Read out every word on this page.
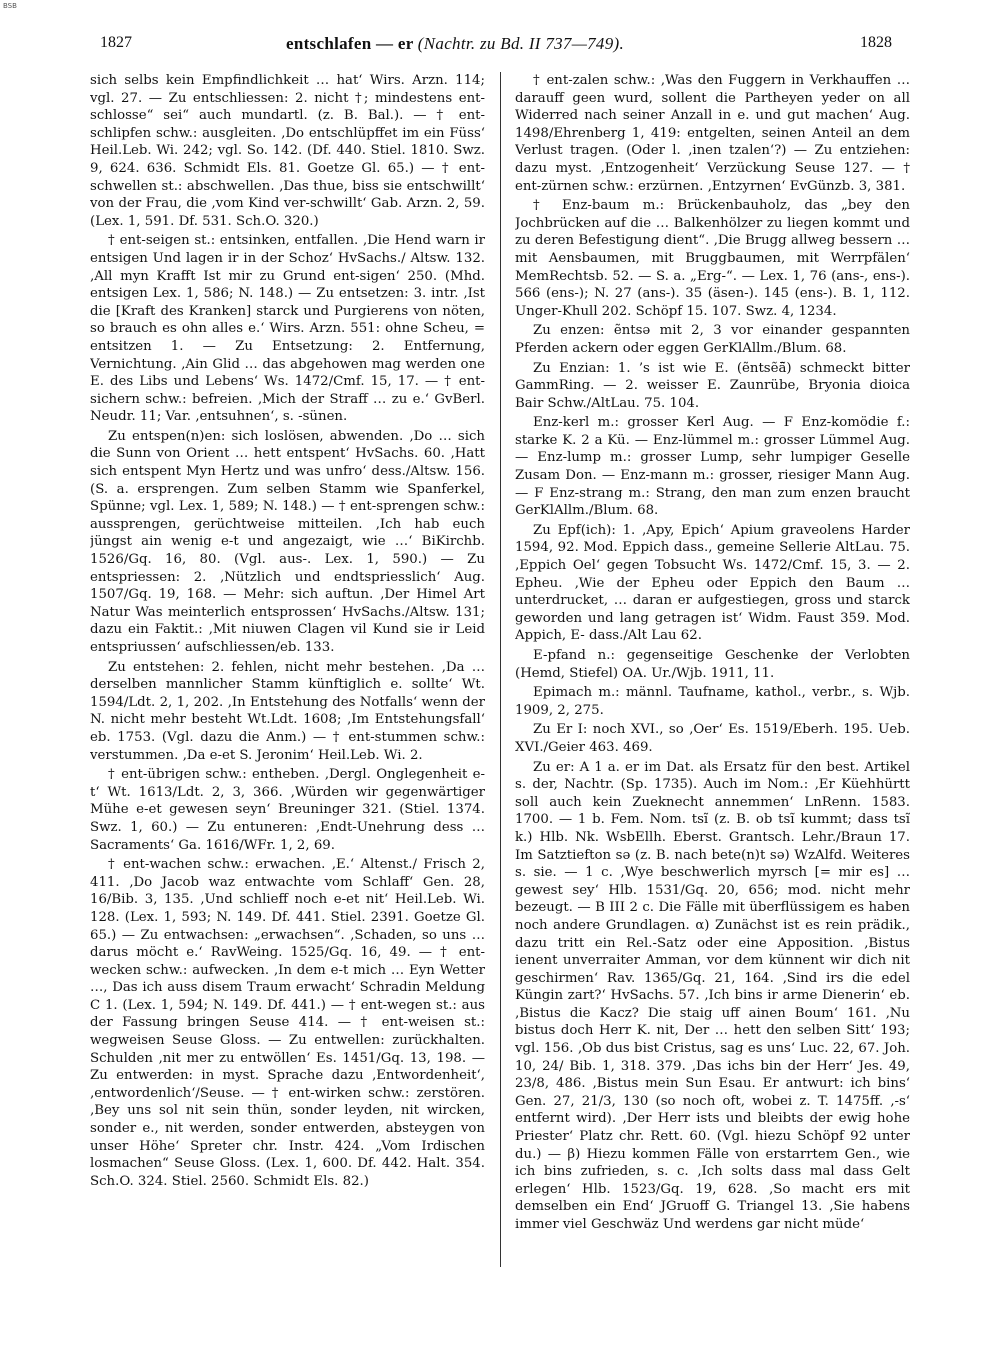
BSB
1827	entschlafen — er (Nachtr. zu Bd. II 737—749).	1828

sich selbs kein Empfindlichkeit … hat‘ Wirs. Arzn. 114; vgl. 27. — Zu entschliessen: 2. nicht †; mindestens ent-schlosse“ sei“ auch mundartl. (z. B. Bal.). — † ent-schlipfen schw.: ausgleiten. ‚Do entschlüpffet im ein Füss‘ Heil.Leb. Wi. 242; vgl. So. 142. (Df. 440. Stiel. 1810. Swz. 9, 624. 636. Schmidt Els. 81. Goetze Gl. 65.) — † ent-schwellen st.: abschwellen. ‚Das thue, biss sie entschwillt‘ von der Frau, die ‚vom Kind ver-schwillt‘ Gab. Arzn. 2, 59. (Lex. 1, 591. Df. 531. Sch.O. 320.)

† ent-seigen st.: entsinken, entfallen. ‚Die Hend warn ir entsigen Und lagen ir in der Schoz‘ HvSachs./ Altsw. 132. ‚All myn Krafft Ist mir zu Grund ent-sigen‘ 250. (Mhd. entsigen Lex. 1, 586; N. 148.) — Zu entsetzen: 3. intr. ‚Ist die [Kraft des Kranken] starck und Purgierens von nöten, so brauch es ohn alles e.‘ Wirs. Arzn. 551: ohne Scheu, = entsitzen 1. — Zu Entsetzung: 2. Entfernung, Vernichtung. ‚Ain Glid … das abgehowen mag werden one E. des Libs und Lebens‘ Ws. 1472/Cmf. 15, 17. — † ent-sichern schw.: befreien. ‚Mich der Straff … zu e.‘ GvBerl. Neudr. 11; Var. ‚entsuhnen‘, s. -sünen.

Zu entspen(n)en: sich loslösen, abwenden. ‚Do … sich die Sunn von Orient … hett entspent‘ HvSachs. 60. ‚Hatt sich entspent Myn Hertz und was unfro‘ dess./Altsw. 156. (S. a. ersprengen. Zum selben Stamm wie Spanferkel, Spünne; vgl. Lex. 1, 589; N. 148.) — † ent-sprengen schw.: aussprengen, gerüchtweise mitteilen. ‚Ich hab euch jüngst ain wenig e-t und angezaigt, wie …‘ BiKirchb. 1526/Gq. 16, 80. (Vgl. aus-. Lex. 1, 590.) — Zu entspriessen: 2. ‚Nützlich und endtspriesslich‘ Aug. 1507/Gq. 19, 168. — Mehr: sich auftun. ‚Der Himel Art Natur Was meinterlich entsprossen‘ HvSachs./Altsw. 131; dazu ein Faktit.: ‚Mit niuwen Clagen vil Kund sie ir Leid entspriussen‘ aufschliessen/eb. 133.

Zu entstehen: 2. fehlen, nicht mehr bestehen. ‚Da … derselben mannlicher Stamm künftiglich e. sollte‘ Wt. 1594/Ldt. 2, 1, 202. ‚In Entstehung des Notfalls‘ wenn der N. nicht mehr besteht Wt.Ldt. 1608; ‚Im Entstehungsfall‘ eb. 1753. (Vgl. dazu die Anm.) — † ent-stummen schw.: verstummen. ‚Da e-et S. Jeronim‘ Heil.Leb. Wi. 2.

† ent-übrigen schw.: entheben. ‚Dergl. Onglegenheit e-t‘ Wt. 1613/Ldt. 2, 3, 366. ‚Würden wir gegenwärtiger Mühe e-et gewesen seyn‘ Breuninger 321. (Stiel. 1374. Swz. 1, 60.) — Zu entuneren: ‚Endt-Unehrung dess … Sacraments‘ Ga. 1616/WFr. 1, 2, 69.

† ent-wachen schw.: erwachen. ‚E.‘ Altenst./ Frisch 2, 411. ‚Do Jacob waz entwachte vom Schlaff‘ Gen. 28, 16/Bib. 3, 135. ‚Und schlieff noch e-et nit‘ Heil.Leb. Wi. 128. (Lex. 1, 593; N. 149. Df. 441. Stiel. 2391. Goetze Gl. 65.) — Zu entwachsen: „erwachsen“. ‚Schaden, so uns … darus möcht e.‘ RavWeing. 1525/Gq. 16, 49. — † ent-wecken schw.: aufwecken. ‚In dem e-t mich … Eyn Wetter …, Das ich auss disem Traum erwacht‘ Schradin Meldung C 1. (Lex. 1, 594; N. 149. Df. 441.) — † ent-wegen st.: aus der Fassung bringen Seuse 414. — † ent-weisen st.: wegweisen Seuse Gloss. — Zu entwellen: zurückhalten. Schulden ‚nit mer zu entwöllen‘ Es. 1451/Gq. 13, 198. — Zu entwerden: in myst. Sprache dazu ‚Entwordenheit‘, ‚entwordenlich‘/Seuse. — † ent-wirken schw.: zerstören. ‚Bey uns sol nit sein thün, sonder leyden, nit wircken, sonder e., nit werden, sonder entwerden, absteygen von unser Höhe‘ Spreter chr. Instr. 424. „Vom Irdischen losmachen“ Seuse Gloss. (Lex. 1, 600. Df. 442. Halt. 354. Sch.O. 324. Stiel. 2560. Schmidt Els. 82.)

† ent-zalen schw.: ‚Was den Fuggern in Verkhauffen … darauff geen wurd, sollent die Partheyen yeder on all Widerred nach seiner Anzall in e. und gut machen‘ Aug. 1498/Ehrenberg 1, 419: entgelten, seinen Anteil an dem Verlust tragen. (Oder l. ‚inen tzalen‘?) — Zu entziehen: dazu myst. ‚Entzogenheit‘ Verzückung Seuse 127. — † ent-zürnen schw.: erzürnen. ‚Entzyrnen‘ EvGünzb. 3, 381.

† Enz-baum m.: Brückenbauholz, das „bey den Jochbrücken auf die … Balkenhölzer zu liegen kommt und zu deren Befestigung dient“. ‚Die Brugg allweg bessern … mit Aensbaumen, mit Bruggbaumen, mit Werrpfälen‘ MemRechtsb. 52. — S. a. „Erg-“. — Lex. 1, 76 (ans-, ens-). 566 (ens-); N. 27 (ans-). 35 (äsen-). 145 (ens-). B. 1, 112. Unger-Khull 202. Schöpf 15. 107. Swz. 4, 1234.

Zu enzen: ẽntsə mit 2, 3 vor einander gespannten Pferden ackern oder eggen GerKlAllm./Blum. 68.

Zu Enzian: 1. ’s ist wie E. (ẽntsẽā̃) schmeckt bitter GammRing. — 2. weisser E. Zaunrübe, Bryonia dioica Bair Schw./AltLau. 75. 104.

Enz-kerl m.: grosser Kerl Aug. — F Enz-komödie f.: starke K. 2 a Kü. — Enz-lümmel m.: grosser Lümmel Aug. — Enz-lump m.: grosser Lump, sehr lumpiger Geselle Zusam Don. — Enz-mann m.: grosser, riesiger Mann Aug. — F Enz-strang m.: Strang, den man zum enzen braucht GerKlAllm./Blum. 68.

Zu Epf(ich): 1. ‚Apy, Epich‘ Apium graveolens Harder 1594, 92. Mod. Eppich dass., gemeine Sellerie AltLau. 75. ‚Eppich Oel‘ gegen Tobsucht Ws. 1472/Cmf. 15, 3. — 2. Epheu. ‚Wie der Epheu oder Eppich den Baum … unterdrucket, … daran er aufgestiegen, gross und starck geworden und lang getragen ist‘ Widm. Faust 359. Mod. Appich, E- dass./Alt Lau 62.

E-pfand n.: gegenseitige Geschenke der Verlobten (Hemd, Stiefel) OA. Ur./Wjb. 1911, 11.

Epimach m.: männl. Taufname, kathol., verbr., s. Wjb. 1909, 2, 275.

Zu Er I: noch XVI., so ‚Oer‘ Es. 1519/Eberh. 195. Ueb. XVI./Geier 463. 469.

Zu er: A 1 a. er im Dat. als Ersatz für den best. Artikel s. der, Nachtr. (Sp. 1735). Auch im Nom.: ‚Er Küehhürtt soll auch kein Zueknecht annemmen‘ LnRenn. 1583. 1700. — 1 b. Fem. Nom. tsĩ (z. B. ob tsĩ kummt; dass tsĩ k.) Hlb. Nk. WsbEllh. Eberst. Grantsch. Lehr./Braun 17. Im Satztiefton sə (z. B. nach bete(n)t sə) WzAlfd. Weiteres s. sie. — 1 c. ‚Wye beschwerlich myrsch [= mir es] … gewest sey‘ Hlb. 1531/Gq. 20, 656; mod. nicht mehr bezeugt. — B III 2 c. Die Fälle mit überflüssigem es haben noch andere Grundlagen. α) Zunächst ist es rein prädik., dazu tritt ein Rel.-Satz oder eine Apposition. ‚Bistus ienent unverraiter Amman, vor dem künnent wir dich nit geschirmen‘ Rav. 1365/Gq. 21, 164. ‚Sind irs die edel Küngin zart?‘ HvSachs. 57. ‚Ich bins ir arme Dienerin‘ eb. ‚Bistus die Kacz? Die staig uff ainen Boum‘ 161. ‚Nu bistus doch Herr K. nit, Der … hett den selben Sitt‘ 193; vgl. 156. ‚Ob dus bist Cristus, sag es uns‘ Luc. 22, 67. Joh. 10, 24/ Bib. 1, 318. 379. ‚Das ichs bin der Herr‘ Jes. 49, 23/8, 486. ‚Bistus mein Sun Esau. Er antwurt: ich bins‘ Gen. 27, 21/3, 130 (so noch oft, wobei z. T. 1475ff. ‚-s‘ entfernt wird). ‚Der Herr ists und bleibts der ewig hohe Priester‘ Platz chr. Rett. 60. (Vgl. hiezu Schöpf 92 unter du.) — β) Hiezu kommen Fälle von erstarrtem Gen., wie ich bins zufrieden, s. c. ‚Ich solts dass mal dass Gelt erlegen‘ Hlb. 1523/Gq. 19, 628. ‚So macht ers mit demselben ein End‘ JGruoff G. Triangel 13. ‚Sie habens immer viel Geschwäz Und werdens gar nicht müde‘
